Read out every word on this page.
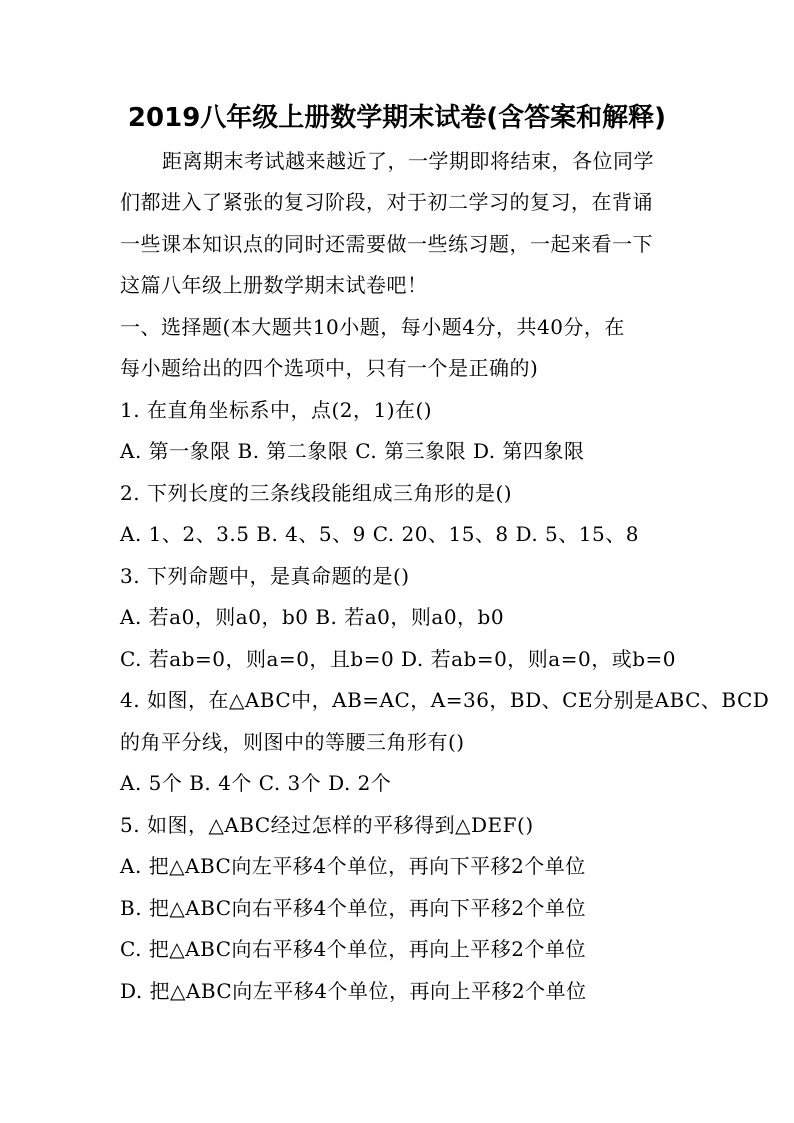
2019八年级上册数学期末试卷(含答案和解释)
距离期末考试越来越近了，一学期即将结束，各位同学
们都进入了紧张的复习阶段，对于初二学习的复习，在背诵
一些课本知识点的同时还需要做一些练习题，一起来看一下
这篇八年级上册数学期末试卷吧！
一、选择题(本大题共10小题，每小题4分，共40分，在
每小题给出的四个选项中，只有一个是正确的)
1. 在直角坐标系中，点(2，1)在()
A. 第一象限 B. 第二象限 C. 第三象限 D. 第四象限
2. 下列长度的三条线段能组成三角形的是()
A. 1、2、3.5 B. 4、5、9 C. 20、15、8 D. 5、15、8
3. 下列命题中，是真命题的是()
A. 若a0，则a0，b0 B. 若a0，则a0，b0
C. 若ab=0，则a=0，且b=0 D. 若ab=0，则a=0，或b=0
4. 如图，在△ABC中，AB=AC，A=36，BD、CE分别是ABC、BCD
的角平分线，则图中的等腰三角形有()
A. 5个 B. 4个 C. 3个 D. 2个
5. 如图，△ABC经过怎样的平移得到△DEF()
A. 把△ABC向左平移4个单位，再向下平移2个单位
B. 把△ABC向右平移4个单位，再向下平移2个单位
C. 把△ABC向右平移4个单位，再向上平移2个单位
D. 把△ABC向左平移4个单位，再向上平移2个单位
